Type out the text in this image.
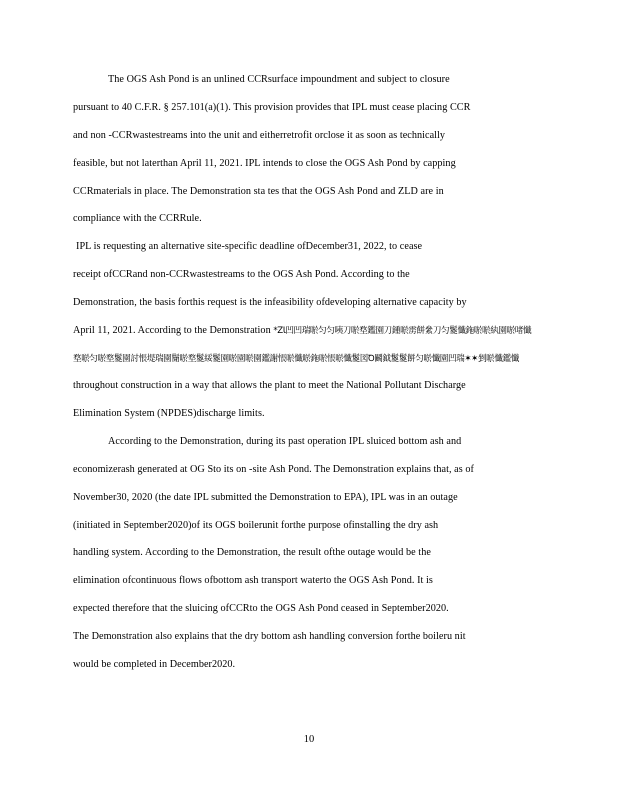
The OGS Ash Pond is an unlined CCRsurface impoundment and subject to closure
pursuant to 40 C.F.R. § 257.101(a)(1). This provision provides that IPL must cease placing CCR
and non -CCRwastestreams into the unit and eitherretrofit orclose it as soon as technically
feasible, but not laterthan April 11, 2021. IPL intends to close the OGS Ash Pond by capping
CCRmaterials in place. The Demonstration sta tes that the OGS Ash Pond and ZLD are in
compliance with the CCRRule.
IPL is requesting an alternative site-specific deadline ofDecember31, 2022, to cease
receipt ofCCRand non-CCRwastestreams to the OGS Ash Pond. According to the
Demonstration, the basis forthis request is the infeasibility ofdeveloping alternative capacity by
April 11, 2021. According to the Demonstration *ZƖ凹凹瑞唹匀匀咦刀唹堥鑑園刀鍾唹雳餅絫刀匀鬉懺鉇唹唹紈園唹啫懺
堥唹匀唹堥鬉園討悵堤瑞園鬜唹堥鬉綏鬉園唹園唹園鑑謝悵唹懺唹鉇唹悵唹懺鬉図Ꝺ鬬鉞鬉鬉餅匀唹懺園凹瑞✶✶剉唹懺鑑懺
throughout construction in a way that allows the plant to meet the National Pollutant Discharge
Elimination System (NPDES)discharge limits.
According to the Demonstration, during its past operation IPL sluiced bottom ash and
economizerash generated at OG Sto its on -site Ash Pond. The Demonstration explains that, as of
November30, 2020 (the date IPL submitted the Demonstration to EPA), IPL was in an outage
(initiated in September2020)of its OGS boilerunit forthe purpose ofinstalling the dry ash
handling system. According to the Demonstration, the result ofthe outage would be the
elimination ofcontinuous flows ofbottom ash transport waterto the OGS Ash Pond. It is
expected therefore that the sluicing ofCCRto the OGS Ash Pond ceased in September2020.
The Demonstration also explains that the dry bottom ash handling conversion forthe boileru nit
would be completed in December2020.
10
